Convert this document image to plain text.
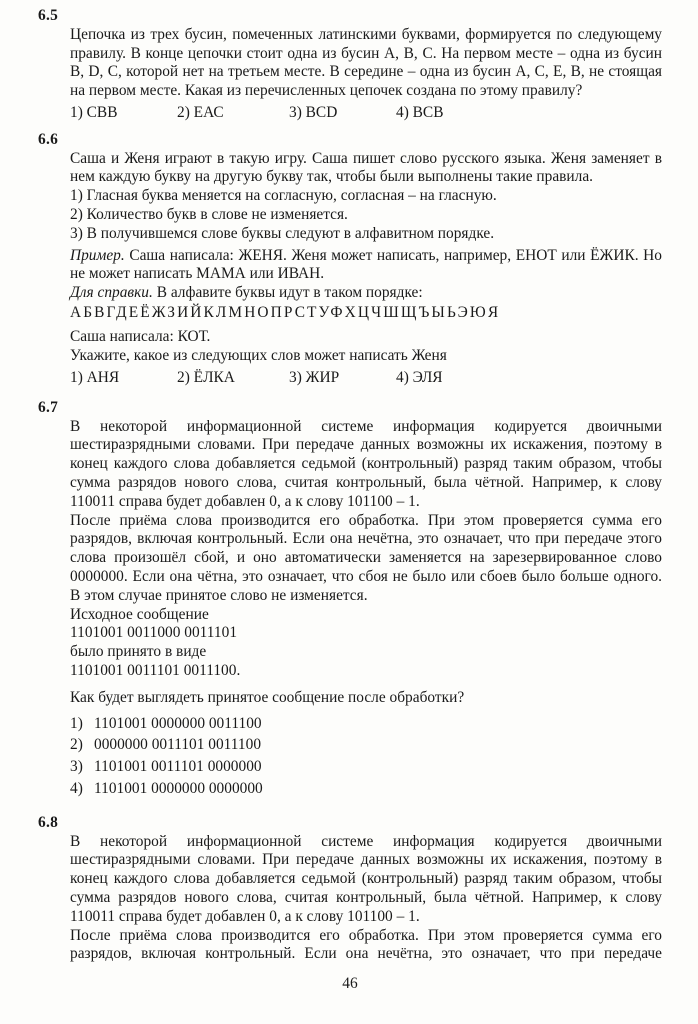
6.5

Цепочка из трех бусин, помеченных латинскими буквами, формируется по следующему правилу. В конце цепочки стоит одна из бусин А, В, С. На первом месте – одна из бусин В, D, С, которой нет на третьем месте. В середине – одна из бусин А, С, Е, В, не стоящая на первом месте. Какая из перечисленных цепочек создана по этому правилу?

1) СВВ	2) ЕАС	3) BCD	4) ВСВ
6.6

Саша и Женя играют в такую игру. Саша пишет слово русского языка. Женя заменяет в нем каждую букву на другую букву так, чтобы были выполнены такие правила.

1) Гласная буква меняется на согласную, согласная – на гласную.

2) Количество букв в слове не изменяется.

3) В получившемся слове буквы следуют в алфавитном порядке.

Пример. Саша написала: ЖЕНЯ. Женя может написать, например, ЕНОТ или ЁЖИК. Но не может написать МАМА или ИВАН.

Для справки. В алфавите буквы идут в таком порядке:

АБВГДЕЁЖЗИЙКЛМНОПРСТУФХЦЧШЩЪЫЬЭЮЯ

Саша написала: КОТ.

Укажите, какое из следующих слов может написать Женя

1) АНЯ	2) ЁЛКА	3) ЖИР	4) ЭЛЯ
6.7

В некоторой информационной системе информация кодируется двоичными шестиразрядными словами. При передаче данных возможны их искажения, поэтому в конец каждого слова добавляется седьмой (контрольный) разряд таким образом, чтобы сумма разрядов нового слова, считая контрольный, была чётной. Например, к слову 110011 справа будет добавлен 0, а к слову 101100 – 1.

После приёма слова производится его обработка. При этом проверяется сумма его разрядов, включая контрольный. Если она нечётна, это означает, что при передаче этого слова произошёл сбой, и оно автоматически заменяется на зарезервированное слово 0000000. Если она чётна, это означает, что сбоя не было или сбоев было больше одного. В этом случае принятое слово не изменяется.

Исходное сообщение

1101001 0011000 0011101

было принято в виде

1101001 0011101 0011100.

Как будет выглядеть принятое сообщение после обработки?

1) 1101001 0000000 0011100
2) 0000000 0011101 0011100
3) 1101001 0011101 0000000
4) 1101001 0000000 0000000
6.8

В некоторой информационной системе информация кодируется двоичными шестиразрядными словами. При передаче данных возможны их искажения, поэтому в конец каждого слова добавляется седьмой (контрольный) разряд таким образом, чтобы сумма разрядов нового слова, считая контрольный, была чётной. Например, к слову 110011 справа будет добавлен 0, а к слову 101100 – 1.

После приёма слова производится его обработка. При этом проверяется сумма его разрядов, включая контрольный. Если она нечётна, это означает, что при передаче

46
